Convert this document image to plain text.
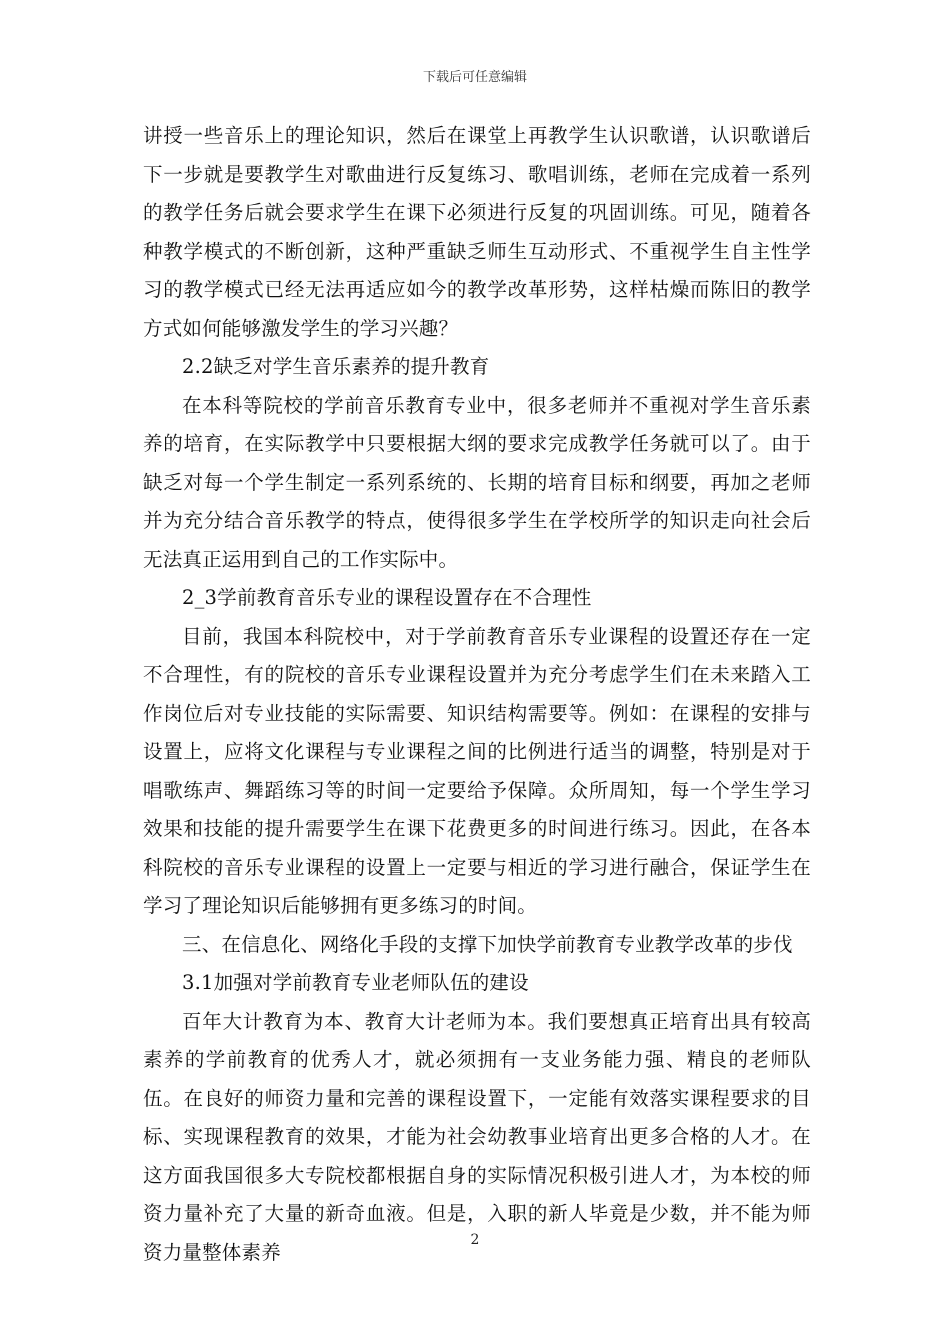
下载后可任意编辑

讲授一些音乐上的理论知识，然后在课堂上再教学生认识歌谱，认识歌谱后下一步就是要教学生对歌曲进行反复练习、歌唱训练，老师在完成着一系列的教学任务后就会要求学生在课下必须进行反复的巩固训练。可见，随着各种教学模式的不断创新，这种严重缺乏师生互动形式、不重视学生自主性学习的教学模式已经无法再适应如今的教学改革形势，这样枯燥而陈旧的教学方式如何能够激发学生的学习兴趣？

2.2缺乏对学生音乐素养的提升教育

在本科等院校的学前音乐教育专业中，很多老师并不重视对学生音乐素养的培育，在实际教学中只要根据大纲的要求完成教学任务就可以了。由于缺乏对每一个学生制定一系列系统的、长期的培育目标和纲要，再加之老师并为充分结合音乐教学的特点，使得很多学生在学校所学的知识走向社会后无法真正运用到自己的工作实际中。

2_3学前教育音乐专业的课程设置存在不合理性

目前，我国本科院校中，对于学前教育音乐专业课程的设置还存在一定不合理性，有的院校的音乐专业课程设置并为充分考虑学生们在未来踏入工作岗位后对专业技能的实际需要、知识结构需要等。例如：在课程的安排与设置上，应将文化课程与专业课程之间的比例进行适当的调整，特别是对于唱歌练声、舞蹈练习等的时间一定要给予保障。众所周知，每一个学生学习效果和技能的提升需要学生在课下花费更多的时间进行练习。因此，在各本科院校的音乐专业课程的设置上一定要与相近的学习进行融合，保证学生在学习了理论知识后能够拥有更多练习的时间。

三、在信息化、网络化手段的支撑下加快学前教育专业教学改革的步伐

3.1加强对学前教育专业老师队伍的建设

百年大计教育为本、教育大计老师为本。我们要想真正培育出具有较高素养的学前教育的优秀人才，就必须拥有一支业务能力强、精良的老师队伍。在良好的师资力量和完善的课程设置下，一定能有效落实课程要求的目标、实现课程教育的效果，才能为社会幼教事业培育出更多合格的人才。在这方面我国很多大专院校都根据自身的实际情况积极引进人才，为本校的师资力量补充了大量的新奇血液。但是，入职的新人毕竟是少数，并不能为师资力量整体素养

2
